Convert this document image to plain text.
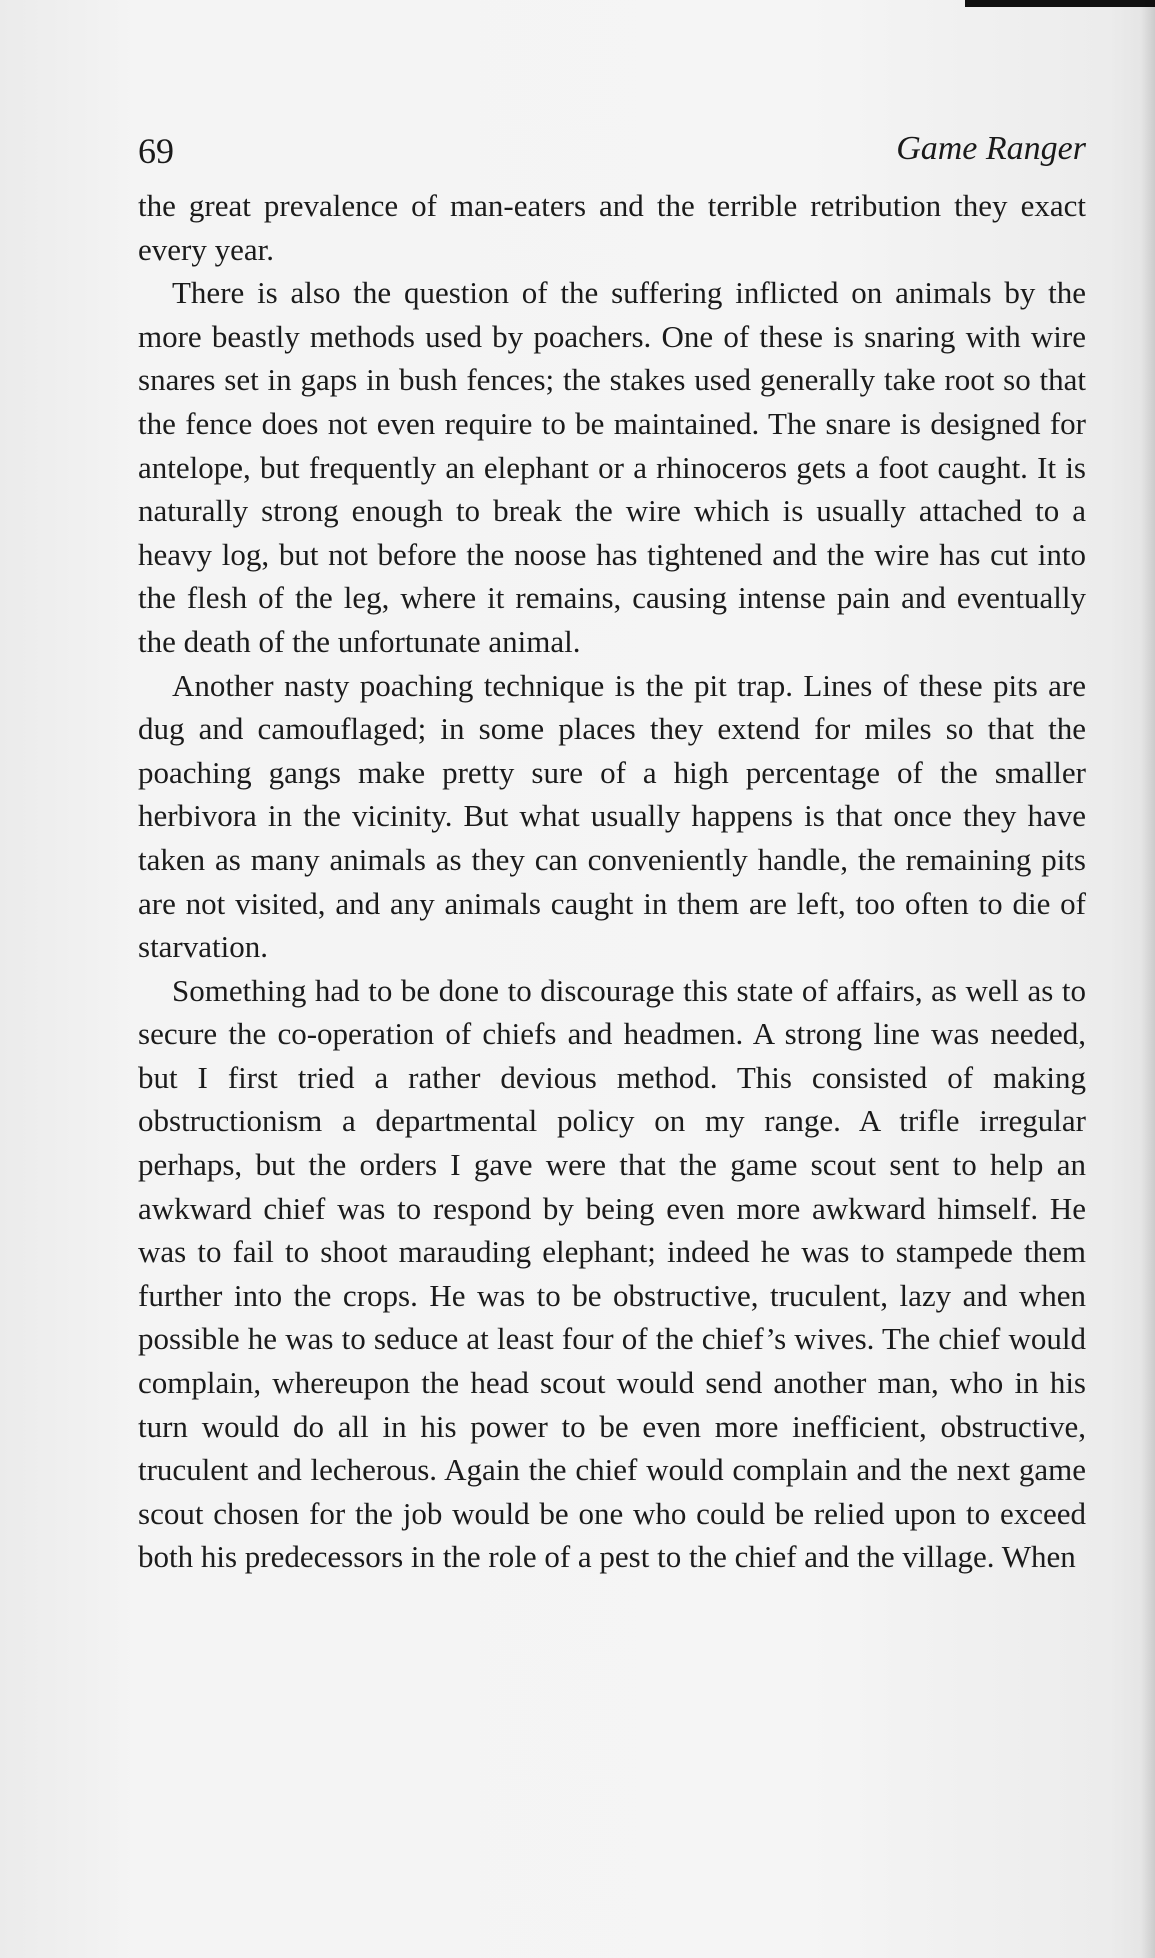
69	Game Ranger

the great prevalence of man-eaters and the terrible retribution they exact every year.

There is also the question of the suffering inflicted on animals by the more beastly methods used by poachers. One of these is snaring with wire snares set in gaps in bush fences; the stakes used generally take root so that the fence does not even require to be maintained. The snare is designed for antelope, but frequently an elephant or a rhinoceros gets a foot caught. It is naturally strong enough to break the wire which is usually attached to a heavy log, but not before the noose has tightened and the wire has cut into the flesh of the leg, where it remains, causing intense pain and eventually the death of the unfortunate animal.

Another nasty poaching technique is the pit trap. Lines of these pits are dug and camouflaged; in some places they extend for miles so that the poaching gangs make pretty sure of a high percentage of the smaller herbivora in the vicinity. But what usually happens is that once they have taken as many animals as they can conveniently handle, the remaining pits are not visited, and any animals caught in them are left, too often to die of starvation.

Something had to be done to discourage this state of affairs, as well as to secure the co-operation of chiefs and headmen. A strong line was needed, but I first tried a rather devious method. This consisted of making obstructionism a departmental policy on my range. A trifle irregular perhaps, but the orders I gave were that the game scout sent to help an awkward chief was to respond by being even more awkward himself. He was to fail to shoot marauding elephant; indeed he was to stampede them further into the crops. He was to be obstructive, truculent, lazy and when possible he was to seduce at least four of the chief’s wives. The chief would complain, whereupon the head scout would send another man, who in his turn would do all in his power to be even more inefficient, obstructive, truculent and lecherous. Again the chief would complain and the next game scout chosen for the job would be one who could be relied upon to exceed both his predecessors in the role of a pest to the chief and the village. When
